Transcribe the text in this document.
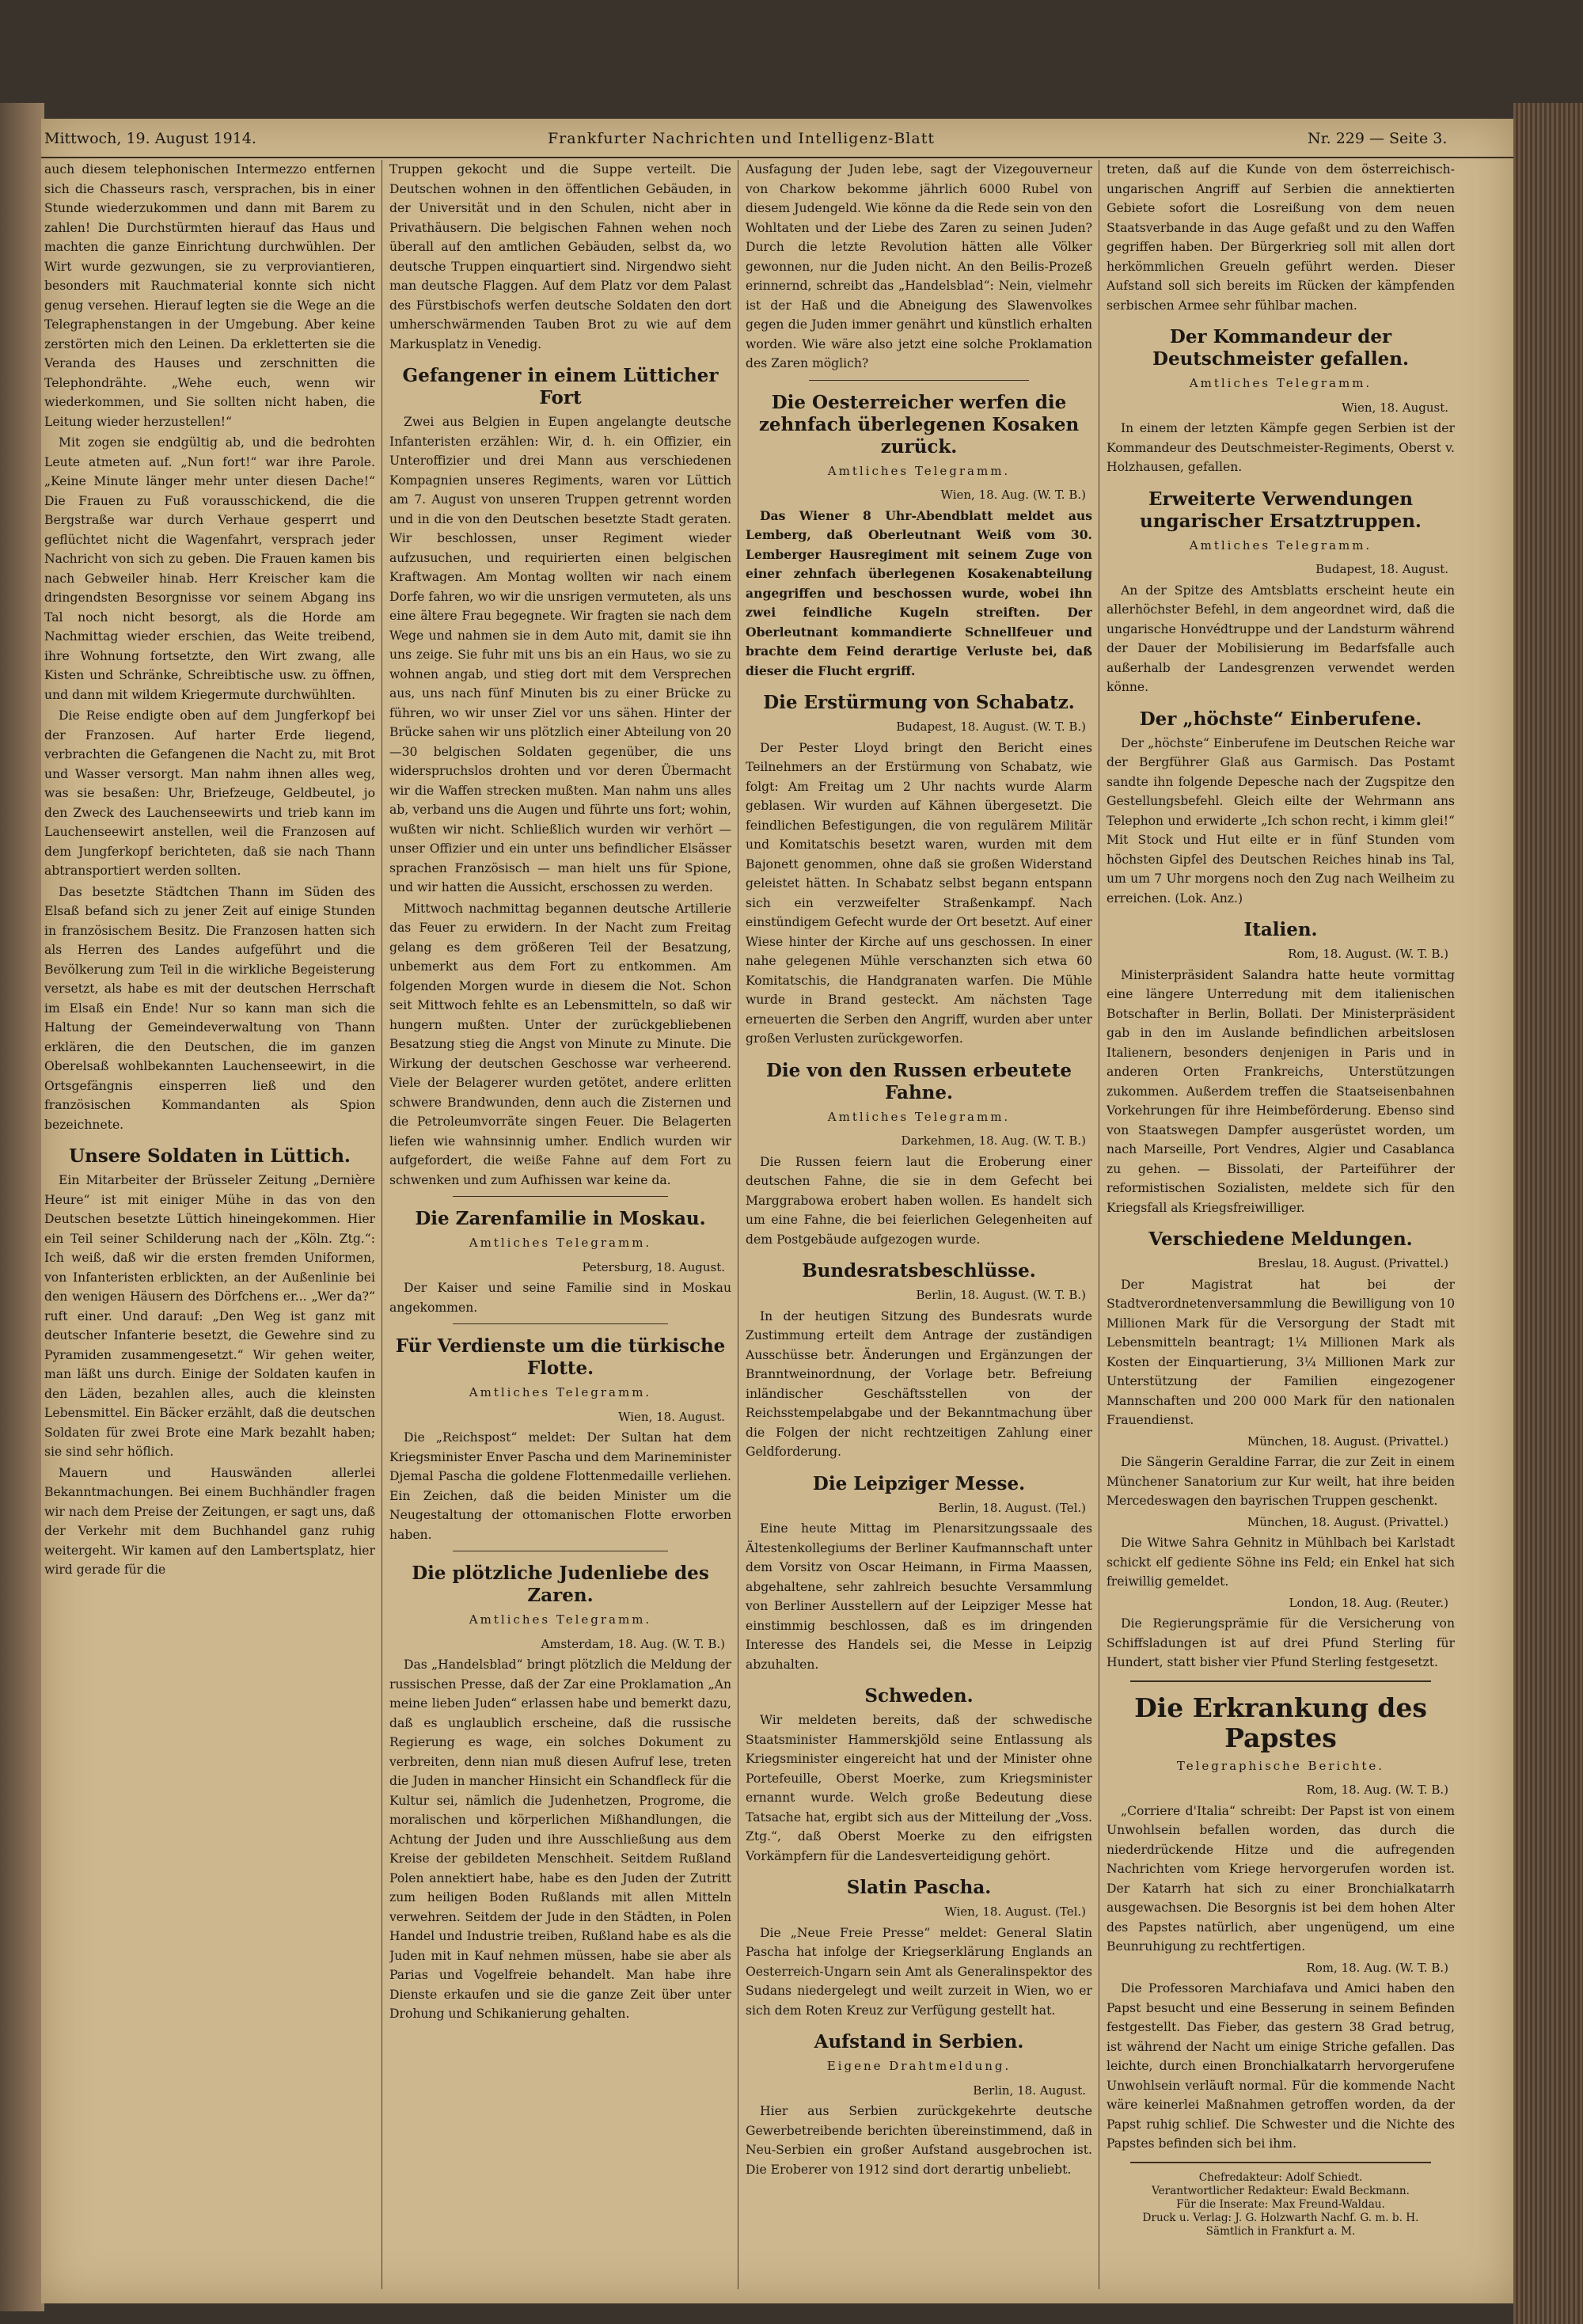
Mittwoch, 19. August 1914.	Frankfurter Nachrichten und Intelligenz-Blatt	Nr. 229 — Seite 3.

auch diesem telephonischen Intermezzo entfernen sich die Chasseurs rasch, versprachen, bis in einer Stunde wiederzukommen und dann mit Barem zu zahlen! Die Durchstürmten hierauf das Haus und machten die ganze Einrichtung durchwühlen. Der Wirt wurde gezwungen, sie zu verproviantieren, besonders mit Rauchmaterial konnte sich nicht genug versehen. Hierauf legten sie die Wege an die Telegraphenstangen in der Umgebung. Aber keine zerstörten mich den Leinen. Da erkletterten sie die Veranda des Hauses und zerschnitten die Telephondrähte. „Wehe euch, wenn wir wiederkommen, und Sie sollten nicht haben, die Leitung wieder herzustellen!“

Mit zogen sie endgültig ab, und die bedrohten Leute atmeten auf. „Nun fort!“ war ihre Parole. „Keine Minute länger mehr unter diesen Dache!“ Die Frauen zu Fuß vorausschickend, die die Bergstraße war durch Verhaue gesperrt und geflüchtet nicht die Wagenfahrt, versprach jeder Nachricht von sich zu geben. Die Frauen kamen bis nach Gebweiler hinab. Herr Kreischer kam die dringendsten Besorgnisse vor seinem Abgang ins Tal noch nicht besorgt, als die Horde am Nachmittag wieder erschien, das Weite treibend, ihre Wohnung fortsetzte, den Wirt zwang, alle Kisten und Schränke, Schreibtische usw. zu öffnen, und dann mit wildem Kriegermute durchwühlten.

Die Reise endigte oben auf dem Jungferkopf bei der Franzosen. Auf harter Erde liegend, verbrachten die Gefangenen die Nacht zu, mit Brot und Wasser versorgt. Man nahm ihnen alles weg, was sie besaßen: Uhr, Briefzeuge, Geldbeutel, jo den Zweck des Lauchenseewirts und trieb kann im Lauchenseewirt anstellen, weil die Franzosen auf dem Jungferkopf berichteten, daß sie nach Thann abtransportiert werden sollten.

Das besetzte Städtchen Thann im Süden des Elsaß befand sich zu jener Zeit auf einige Stunden in französischem Besitz. Die Franzosen hatten sich als Herren des Landes aufgeführt und die Bevölkerung zum Teil in die wirkliche Begeisterung versetzt, als habe es mit der deutschen Herrschaft im Elsaß ein Ende! Nur so kann man sich die Haltung der Gemeindeverwaltung von Thann erklären, die den Deutschen, die im ganzen Oberelsaß wohlbekannten Lauchenseewirt, in die Ortsgefängnis einsperren ließ und den französischen Kommandanten als Spion bezeichnete.

Unsere Soldaten in Lüttich.

Ein Mitarbeiter der Brüsseler Zeitung „Dernière Heure“ ist mit einiger Mühe in das von den Deutschen besetzte Lüttich hineingekommen. Hier ein Teil seiner Schilderung nach der „Köln. Ztg.“: Ich weiß, daß wir die ersten fremden Uniformen, von Infanteristen erblickten, an der Außenlinie bei den wenigen Häusern des Dörfchens er... „Wer da?“ ruft einer. Und darauf: „Den Weg ist ganz mit deutscher Infanterie besetzt, die Gewehre sind zu Pyramiden zusammengesetzt.“ Wir gehen weiter, man läßt uns durch. Einige der Soldaten kaufen in den Läden, bezahlen alles, auch die kleinsten Lebensmittel. Ein Bäcker erzählt, daß die deutschen Soldaten für zwei Brote eine Mark bezahlt haben; sie sind sehr höflich.

Mauern und Hauswänden allerlei Bekanntmachungen. Bei einem Buchhändler fragen wir nach dem Preise der Zeitungen, er sagt uns, daß der Verkehr mit dem Buchhandel ganz ruhig weitergeht. Wir kamen auf den Lambertsplatz, hier wird gerade für die

Truppen gekocht und die Suppe verteilt. Die Deutschen wohnen in den öffentlichen Gebäuden, in der Universität und in den Schulen, nicht aber in Privathäusern. Die belgischen Fahnen wehen noch überall auf den amtlichen Gebäuden, selbst da, wo deutsche Truppen einquartiert sind. Nirgendwo sieht man deutsche Flaggen. Auf dem Platz vor dem Palast des Fürstbischofs werfen deutsche Soldaten den dort umherschwärmenden Tauben Brot zu wie auf dem Markusplatz in Venedig.

Gefangener in einem Lütticher Fort

Zwei aus Belgien in Eupen angelangte deutsche Infanteristen erzählen: Wir, d. h. ein Offizier, ein Unteroffizier und drei Mann aus verschiedenen Kompagnien unseres Regiments, waren vor Lüttich am 7. August von unseren Truppen getrennt worden und in die von den Deutschen besetzte Stadt geraten. Wir beschlossen, unser Regiment wieder aufzusuchen, und requirierten einen belgischen Kraftwagen. Am Montag wollten wir nach einem Dorfe fahren, wo wir die unsrigen vermuteten, als uns eine ältere Frau begegnete. Wir fragten sie nach dem Wege und nahmen sie in dem Auto mit, damit sie ihn uns zeige. Sie fuhr mit uns bis an ein Haus, wo sie zu wohnen angab, und stieg dort mit dem Versprechen aus, uns nach fünf Minuten bis zu einer Brücke zu führen, wo wir unser Ziel vor uns sähen. Hinter der Brücke sahen wir uns plötzlich einer Abteilung von 20—30 belgischen Soldaten gegenüber, die uns widerspruchslos drohten und vor deren Übermacht wir die Waffen strecken mußten. Man nahm uns alles ab, verband uns die Augen und führte uns fort; wohin, wußten wir nicht. Schließlich wurden wir verhört — unser Offizier und ein unter uns befindlicher Elsässer sprachen Französisch — man hielt uns für Spione, und wir hatten die Aussicht, erschossen zu werden.

Mittwoch nachmittag begannen deutsche Artillerie das Feuer zu erwidern. In der Nacht zum Freitag gelang es dem größeren Teil der Besatzung, unbemerkt aus dem Fort zu entkommen. Am folgenden Morgen wurde in diesem die Not. Schon seit Mittwoch fehlte es an Lebensmitteln, so daß wir hungern mußten. Unter der zurückgebliebenen Besatzung stieg die Angst von Minute zu Minute. Die Wirkung der deutschen Geschosse war verheerend. Viele der Belagerer wurden getötet, andere erlitten schwere Brandwunden, denn auch die Zisternen und die Petroleumvorräte singen Feuer. Die Belagerten liefen wie wahnsinnig umher. Endlich wurden wir aufgefordert, die weiße Fahne auf dem Fort zu schwenken und zum Aufhissen war keine da.

Die Zarenfamilie in Moskau.
Amtliches Telegramm.
Petersburg, 18. August.

Der Kaiser und seine Familie sind in Moskau angekommen.

Für Verdienste um die türkische Flotte.
Amtliches Telegramm.
Wien, 18. August.

Die „Reichspost“ meldet: Der Sultan hat dem Kriegsminister Enver Pascha und dem Marineminister Djemal Pascha die goldene Flottenmedaille verliehen. Ein Zeichen, daß die beiden Minister um die Neugestaltung der ottomanischen Flotte erworben haben.

Die plötzliche Judenliebe des Zaren.
Amtliches Telegramm.
Amsterdam, 18. Aug. (W. T. B.)

Das „Handelsblad“ bringt plötzlich die Meldung der russischen Presse, daß der Zar eine Proklamation „An meine lieben Juden“ erlassen habe und bemerkt dazu, daß es unglaublich erscheine, daß die russische Regierung es wage, ein solches Dokument zu verbreiten, denn nian muß diesen Aufruf lese, treten die Juden in mancher Hinsicht ein Schandfleck für die Kultur sei, nämlich die Judenhetzen, Progrome, die moralischen und körperlichen Mißhandlungen, die Achtung der Juden und ihre Ausschließung aus dem Kreise der gebildeten Menschheit. Seitdem Rußland Polen annektiert habe, habe es den Juden der Zutritt zum heiligen Boden Rußlands mit allen Mitteln verwehren. Seitdem der Jude in den Städten, in Polen Handel und Industrie treiben, Rußland habe es als die Juden mit in Kauf nehmen müssen, habe sie aber als Parias und Vogelfreie behandelt. Man habe ihre Dienste erkaufen und sie die ganze Zeit über unter Drohung und Schikanierung gehalten.

Ausfagung der Juden lebe, sagt der Vizegouverneur von Charkow bekomme jährlich 6000 Rubel von diesem Judengeld. Wie könne da die Rede sein von den Wohltaten und der Liebe des Zaren zu seinen Juden? Durch die letzte Revolution hätten alle Völker gewonnen, nur die Juden nicht. An den Beilis-Prozeß erinnernd, schreibt das „Handelsblad“: Nein, vielmehr ist der Haß und die Abneigung des Slawenvolkes gegen die Juden immer genährt und künstlich erhalten worden. Wie wäre also jetzt eine solche Proklamation des Zaren möglich?

Die Oesterreicher werfen die zehnfach überlegenen Kosaken zurück.
Amtliches Telegramm.
Wien, 18. Aug. (W. T. B.)

Das Wiener 8 Uhr-Abendblatt meldet aus Lemberg, daß Oberleutnant Weiß vom 30. Lemberger Hausregiment mit seinem Zuge von einer zehnfach überlegenen Kosakenabteilung angegriffen und beschossen wurde, wobei ihn zwei feindliche Kugeln streiften. Der Oberleutnant kommandierte Schnellfeuer und brachte dem Feind derartige Verluste bei, daß dieser die Flucht ergriff.

Die Erstürmung von Schabatz.
Budapest, 18. August. (W. T. B.)

Der Pester Lloyd bringt den Bericht eines Teilnehmers an der Erstürmung von Schabatz, wie folgt: Am Freitag um 2 Uhr nachts wurde Alarm geblasen. Wir wurden auf Kähnen übergesetzt. Die feindlichen Befestigungen, die von regulärem Militär und Komitatschis besetzt waren, wurden mit dem Bajonett genommen, ohne daß sie großen Widerstand geleistet hätten. In Schabatz selbst begann entspann sich ein verzweifelter Straßenkampf. Nach einstündigem Gefecht wurde der Ort besetzt. Auf einer Wiese hinter der Kirche auf uns geschossen. In einer nahe gelegenen Mühle verschanzten sich etwa 60 Komitatschis, die Handgranaten warfen. Die Mühle wurde in Brand gesteckt. Am nächsten Tage erneuerten die Serben den Angriff, wurden aber unter großen Verlusten zurückgeworfen.

Die von den Russen erbeutete Fahne.
Amtliches Telegramm.
Darkehmen, 18. Aug. (W. T. B.)

Die Russen feiern laut die Eroberung einer deutschen Fahne, die sie in dem Gefecht bei Marggrabowa erobert haben wollen. Es handelt sich um eine Fahne, die bei feierlichen Gelegenheiten auf dem Postgebäude aufgezogen wurde.

Bundesratsbeschlüsse.
Berlin, 18. August. (W. T. B.)

In der heutigen Sitzung des Bundesrats wurde Zustimmung erteilt dem Antrage der zuständigen Ausschüsse betr. Änderungen und Ergänzungen der Branntweinordnung, der Vorlage betr. Befreiung inländischer Geschäftsstellen von der Reichsstempelabgabe und der Bekanntmachung über die Folgen der nicht rechtzeitigen Zahlung einer Geldforderung.

Die Leipziger Messe.
Berlin, 18. August. (Tel.)

Eine heute Mittag im Plenarsitzungssaale des Ältestenkollegiums der Berliner Kaufmannschaft unter dem Vorsitz von Oscar Heimann, in Firma Maassen, abgehaltene, sehr zahlreich besuchte Versammlung von Berliner Ausstellern auf der Leipziger Messe hat einstimmig beschlossen, daß es im dringenden Interesse des Handels sei, die Messe in Leipzig abzuhalten.

Schweden.

Wir meldeten bereits, daß der schwedische Staatsminister Hammerskjöld seine Entlassung als Kriegsminister eingereicht hat und der Minister ohne Portefeuille, Oberst Moerke, zum Kriegsminister ernannt wurde. Welch große Bedeutung diese Tatsache hat, ergibt sich aus der Mitteilung der „Voss. Ztg.“, daß Oberst Moerke zu den eifrigsten Vorkämpfern für die Landesverteidigung gehört.

Slatin Pascha.
Wien, 18. August. (Tel.)

Die „Neue Freie Presse“ meldet: General Slatin Pascha hat infolge der Kriegserklärung Englands an Oesterreich-Ungarn sein Amt als Generalinspektor des Sudans niedergelegt und weilt zurzeit in Wien, wo er sich dem Roten Kreuz zur Verfügung gestellt hat.

Aufstand in Serbien.
Eigene Drahtmeldung.
Berlin, 18. August.

Hier aus Serbien zurückgekehrte deutsche Gewerbetreibende berichten übereinstimmend, daß in Neu-Serbien ein großer Aufstand ausgebrochen ist. Die Eroberer von 1912 sind dort derartig unbeliebt.

treten, daß auf die Kunde von dem österreichisch-ungarischen Angriff auf Serbien die annektierten Gebiete sofort die Losreißung von dem neuen Staatsverbande in das Auge gefaßt und zu den Waffen gegriffen haben. Der Bürgerkrieg soll mit allen dort herkömmlichen Greueln geführt werden. Dieser Aufstand soll sich bereits im Rücken der kämpfenden serbischen Armee sehr fühlbar machen.

Der Kommandeur der Deutschmeister gefallen.
Amtliches Telegramm.
Wien, 18. August.

In einem der letzten Kämpfe gegen Serbien ist der Kommandeur des Deutschmeister-Regiments, Oberst v. Holzhausen, gefallen.

Erweiterte Verwendungen ungarischer Ersatztruppen.
Amtliches Telegramm.
Budapest, 18. August.

An der Spitze des Amtsblatts erscheint heute ein allerhöchster Befehl, in dem angeordnet wird, daß die ungarische Honvédtruppe und der Landsturm während der Dauer der Mobilisierung im Bedarfsfalle auch außerhalb der Landesgrenzen verwendet werden könne.

Der „höchste“ Einberufene.

Der „höchste“ Einberufene im Deutschen Reiche war der Bergführer Glaß aus Garmisch. Das Postamt sandte ihn folgende Depesche nach der Zugspitze den Gestellungsbefehl. Gleich eilte der Wehrmann ans Telephon und erwiderte „Ich schon recht, i kimm glei!“ Mit Stock und Hut eilte er in fünf Stunden vom höchsten Gipfel des Deutschen Reiches hinab ins Tal, um um 7 Uhr morgens noch den Zug nach Weilheim zu erreichen. (Lok. Anz.)

Italien.
Rom, 18. August. (W. T. B.)

Ministerpräsident Salandra hatte heute vormittag eine längere Unterredung mit dem italienischen Botschafter in Berlin, Bollati. Der Ministerpräsident gab in den im Auslande befindlichen arbeitslosen Italienern, besonders denjenigen in Paris und in anderen Orten Frankreichs, Unterstützungen zukommen. Außerdem treffen die Staatseisenbahnen Vorkehrungen für ihre Heimbeförderung. Ebenso sind von Staatswegen Dampfer ausgerüstet worden, um nach Marseille, Port Vendres, Algier und Casablanca zu gehen. — Bissolati, der Parteiführer der reformistischen Sozialisten, meldete sich für den Kriegsfall als Kriegsfreiwilliger.

Verschiedene Meldungen.
Breslau, 18. August. (Privattel.)

Der Magistrat hat bei der Stadtverordnetenversammlung die Bewilligung von 10 Millionen Mark für die Versorgung der Stadt mit Lebensmitteln beantragt; 1¼ Millionen Mark als Kosten der Einquartierung, 3¼ Millionen Mark zur Unterstützung der Familien eingezogener Mannschaften und 200 000 Mark für den nationalen Frauendienst.

München, 18. August. (Privattel.)

Die Sängerin Geraldine Farrar, die zur Zeit in einem Münchener Sanatorium zur Kur weilt, hat ihre beiden Mercedeswagen den bayrischen Truppen geschenkt.

München, 18. August. (Privattel.)

Die Witwe Sahra Gehnitz in Mühlbach bei Karlstadt schickt elf gediente Söhne ins Feld; ein Enkel hat sich freiwillig gemeldet.

London, 18. Aug. (Reuter.)

Die Regierungsprämie für die Versicherung von Schiffsladungen ist auf drei Pfund Sterling für Hundert, statt bisher vier Pfund Sterling festgesetzt.

Die Erkrankung des Papstes
Telegraphische Berichte.
Rom, 18. Aug. (W. T. B.)

„Corriere d'Italia“ schreibt: Der Papst ist von einem Unwohlsein befallen worden, das durch die niederdrückende Hitze und die aufregenden Nachrichten vom Kriege hervorgerufen worden ist. Der Katarrh hat sich zu einer Bronchialkatarrh ausgewachsen. Die Besorgnis ist bei dem hohen Alter des Papstes natürlich, aber ungenügend, um eine Beunruhigung zu rechtfertigen.

Rom, 18. Aug. (W. T. B.)

Die Professoren Marchiafava und Amici haben den Papst besucht und eine Besserung in seinem Befinden festgestellt. Das Fieber, das gestern 38 Grad betrug, ist während der Nacht um einige Striche gefallen. Das leichte, durch einen Bronchialkatarrh hervorgerufene Unwohlsein verläuft normal. Für die kommende Nacht wäre keinerlei Maßnahmen getroffen worden, da der Papst ruhig schlief. Die Schwester und die Nichte des Papstes befinden sich bei ihm.

Chefredakteur: Adolf Schiedt.
Verantwortlicher Redakteur: Ewald Beckmann.
Für die Inserate: Max Freund-Waldau.
Druck u. Verlag: J. G. Holzwarth Nachf. G. m. b. H.
Sämtlich in Frankfurt a. M.
